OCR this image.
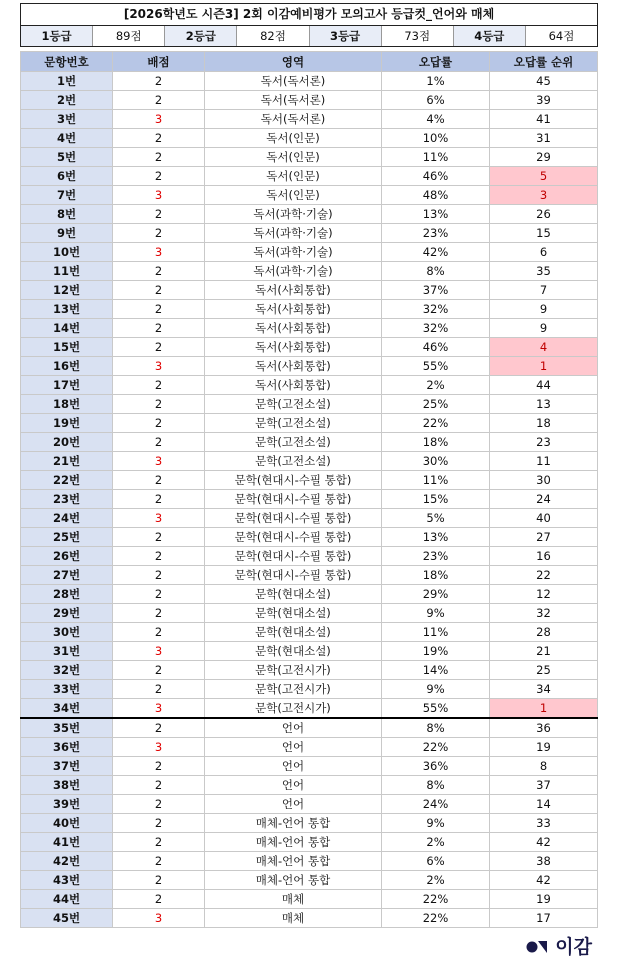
[2026학년도 시즌3] 2회 이감예비평가 모의고사 등급컷_언어와 매체
1등급	89점	2등급	82점	3등급	73점	4등급	64점
문항번호	배점	영역	오답률	오답률 순위
1번	2	독서(독서론)	1%	45
2번	2	독서(독서론)	6%	39
3번	3	독서(독서론)	4%	41
4번	2	독서(인문)	10%	31
5번	2	독서(인문)	11%	29
6번	2	독서(인문)	46%	5
7번	3	독서(인문)	48%	3
8번	2	독서(과학·기술)	13%	26
9번	2	독서(과학·기술)	23%	15
10번	3	독서(과학·기술)	42%	6
11번	2	독서(과학·기술)	8%	35
12번	2	독서(사회통합)	37%	7
13번	2	독서(사회통합)	32%	9
14번	2	독서(사회통합)	32%	9
15번	2	독서(사회통합)	46%	4
16번	3	독서(사회통합)	55%	1
17번	2	독서(사회통합)	2%	44
18번	2	문학(고전소설)	25%	13
19번	2	문학(고전소설)	22%	18
20번	2	문학(고전소설)	18%	23
21번	3	문학(고전소설)	30%	11
22번	2	문학(현대시-수필 통합)	11%	30
23번	2	문학(현대시-수필 통합)	15%	24
24번	3	문학(현대시-수필 통합)	5%	40
25번	2	문학(현대시-수필 통합)	13%	27
26번	2	문학(현대시-수필 통합)	23%	16
27번	2	문학(현대시-수필 통합)	18%	22
28번	2	문학(현대소설)	29%	12
29번	2	문학(현대소설)	9%	32
30번	2	문학(현대소설)	11%	28
31번	3	문학(현대소설)	19%	21
32번	2	문학(고전시가)	14%	25
33번	2	문학(고전시가)	9%	34
34번	3	문학(고전시가)	55%	1
35번	2	언어	8%	36
36번	3	언어	22%	19
37번	2	언어	36%	8
38번	2	언어	8%	37
39번	2	언어	24%	14
40번	2	매체-언어 통합	9%	33
41번	2	매체-언어 통합	2%	42
42번	2	매체-언어 통합	6%	38
43번	2	매체-언어 통합	2%	42
44번	2	매체	22%	19
45번	3	매체	22%	17
이감
